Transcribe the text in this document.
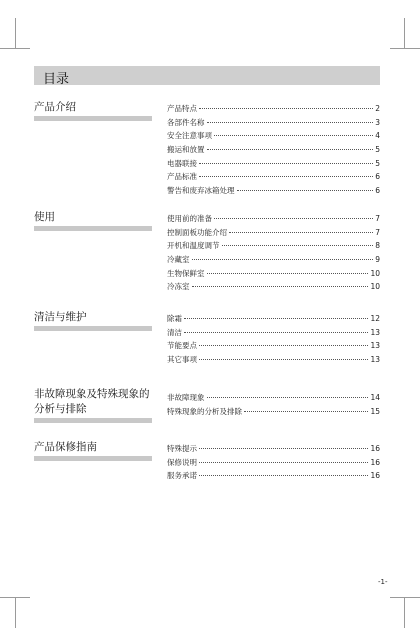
目录
产品介绍	产品特点	2
各部件名称	3
安全注意事项	4
搬运和放置	5
电器联接	5
产品标准	6
警告和废弃冰箱处理	6
使用	使用前的准备	7
控制面板功能介绍	7
开机和温度调节	8
冷藏室	9
生物保鲜室	10
冷冻室	10
清洁与维护	除霜	12
清洁	13
节能要点	13
其它事项	13
非故障现象及特殊现象的
分析与排除
非故障现象	14
特殊现象的分析及排除	15
产品保修指南	特殊提示	16
保修说明	16
服务承诺	16
-1-
